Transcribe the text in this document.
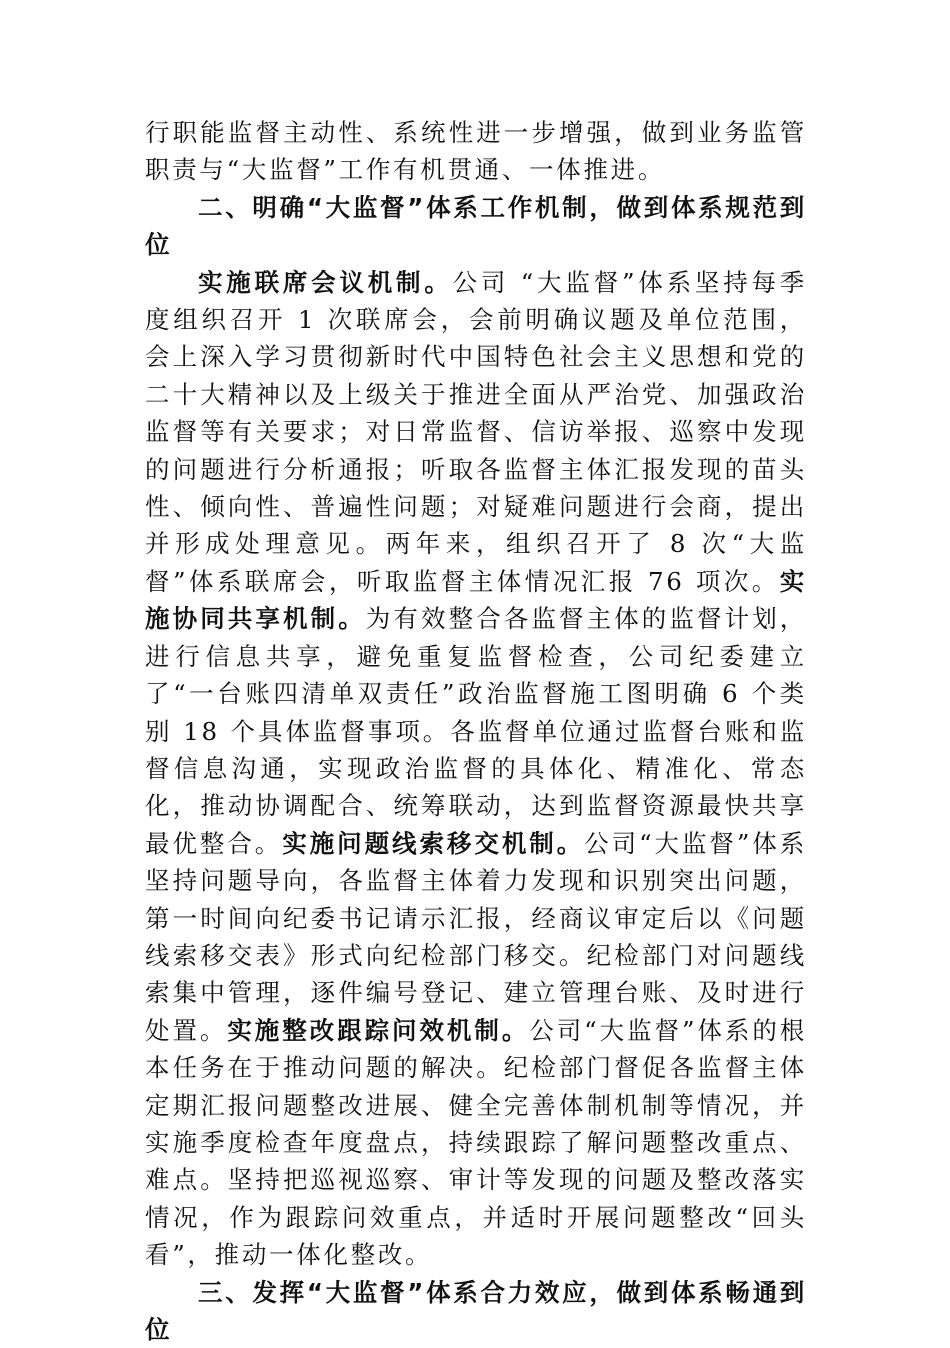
行职能监督主动性、系统性进一步增强，做到业务监管职责与“大监督”工作有机贯通、一体推进。

二、明确“大监督”体系工作机制，做到体系规范到位

实施联席会议机制。公司 “大监督”体系坚持每季度组织召开 1 次联席会，会前明确议题及单位范围，会上深入学习贯彻新时代中国特色社会主义思想和党的二十大精神以及上级关于推进全面从严治党、加强政治监督等有关要求；对日常监督、信访举报、巡察中发现的问题进行分析通报；听取各监督主体汇报发现的苗头性、倾向性、普遍性问题；对疑难问题进行会商，提出并形成处理意见。两年来，组织召开了 8 次“大监督”体系联席会，听取监督主体情况汇报 76 项次。实施协同共享机制。为有效整合各监督主体的监督计划，进行信息共享，避免重复监督检查，公司纪委建立了“一台账四清单双责任”政治监督施工图明确 6 个类别 18 个具体监督事项。各监督单位通过监督台账和监督信息沟通，实现政治监督的具体化、精准化、常态化，推动协调配合、统筹联动，达到监督资源最快共享最优整合。实施问题线索移交机制。公司“大监督”体系坚持问题导向，各监督主体着力发现和识别突出问题，第一时间向纪委书记请示汇报，经商议审定后以《问题线索移交表》形式向纪检部门移交。纪检部门对问题线索集中管理，逐件编号登记、建立管理台账、及时进行处置。实施整改跟踪问效机制。公司“大监督”体系的根本任务在于推动问题的解决。纪检部门督促各监督主体定期汇报问题整改进展、健全完善体制机制等情况，并实施季度检查年度盘点，持续跟踪了解问题整改重点、难点。坚持把巡视巡察、审计等发现的问题及整改落实情况，作为跟踪问效重点，并适时开展问题整改“回头看”，推动一体化整改。

三、发挥“大监督”体系合力效应，做到体系畅通到位
